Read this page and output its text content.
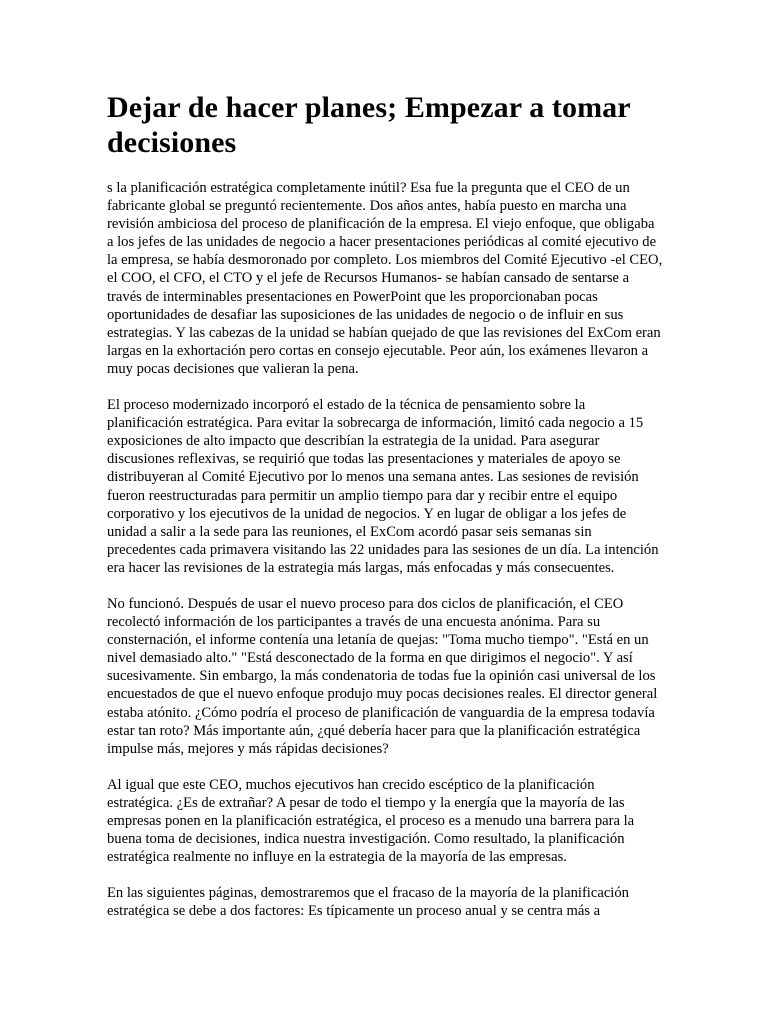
Dejar de hacer planes; Empezar a tomar decisiones

s la planificación estratégica completamente inútil? Esa fue la pregunta que el CEO de un fabricante global se preguntó recientemente. Dos años antes, había puesto en marcha una revisión ambiciosa del proceso de planificación de la empresa. El viejo enfoque, que obligaba a los jefes de las unidades de negocio a hacer presentaciones periódicas al comité ejecutivo de la empresa, se había desmoronado por completo. Los miembros del Comité Ejecutivo -el CEO, el COO, el CFO, el CTO y el jefe de Recursos Humanos- se habían cansado de sentarse a través de interminables presentaciones en PowerPoint que les proporcionaban pocas oportunidades de desafiar las suposiciones de las unidades de negocio o de influir en sus estrategias. Y las cabezas de la unidad se habían quejado de que las revisiones del ExCom eran largas en la exhortación pero cortas en consejo ejecutable. Peor aún, los exámenes llevaron a muy pocas decisiones que valieran la pena.

El proceso modernizado incorporó el estado de la técnica de pensamiento sobre la planificación estratégica. Para evitar la sobrecarga de información, limitó cada negocio a 15 exposiciones de alto impacto que describían la estrategia de la unidad. Para asegurar discusiones reflexivas, se requirió que todas las presentaciones y materiales de apoyo se distribuyeran al Comité Ejecutivo por lo menos una semana antes. Las sesiones de revisión fueron reestructuradas para permitir un amplio tiempo para dar y recibir entre el equipo corporativo y los ejecutivos de la unidad de negocios. Y en lugar de obligar a los jefes de unidad a salir a la sede para las reuniones, el ExCom acordó pasar seis semanas sin precedentes cada primavera visitando las 22 unidades para las sesiones de un día. La intención era hacer las revisiones de la estrategia más largas, más enfocadas y más consecuentes.

No funcionó. Después de usar el nuevo proceso para dos ciclos de planificación, el CEO recolectó información de los participantes a través de una encuesta anónima. Para su consternación, el informe contenía una letanía de quejas: "Toma mucho tiempo". "Está en un nivel demasiado alto." "Está desconectado de la forma en que dirigimos el negocio". Y así sucesivamente. Sin embargo, la más condenatoria de todas fue la opinión casi universal de los encuestados de que el nuevo enfoque produjo muy pocas decisiones reales. El director general estaba atónito. ¿Cómo podría el proceso de planificación de vanguardia de la empresa todavía estar tan roto? Más importante aún, ¿qué debería hacer para que la planificación estratégica impulse más, mejores y más rápidas decisiones?

Al igual que este CEO, muchos ejecutivos han crecido escéptico de la planificación estratégica. ¿Es de extrañar? A pesar de todo el tiempo y la energía que la mayoría de las empresas ponen en la planificación estratégica, el proceso es a menudo una barrera para la buena toma de decisiones, indica nuestra investigación. Como resultado, la planificación estratégica realmente no influye en la estrategia de la mayoría de las empresas.

En las siguientes páginas, demostraremos que el fracaso de la mayoría de la planificación estratégica se debe a dos factores: Es típicamente un proceso anual y se centra más a
